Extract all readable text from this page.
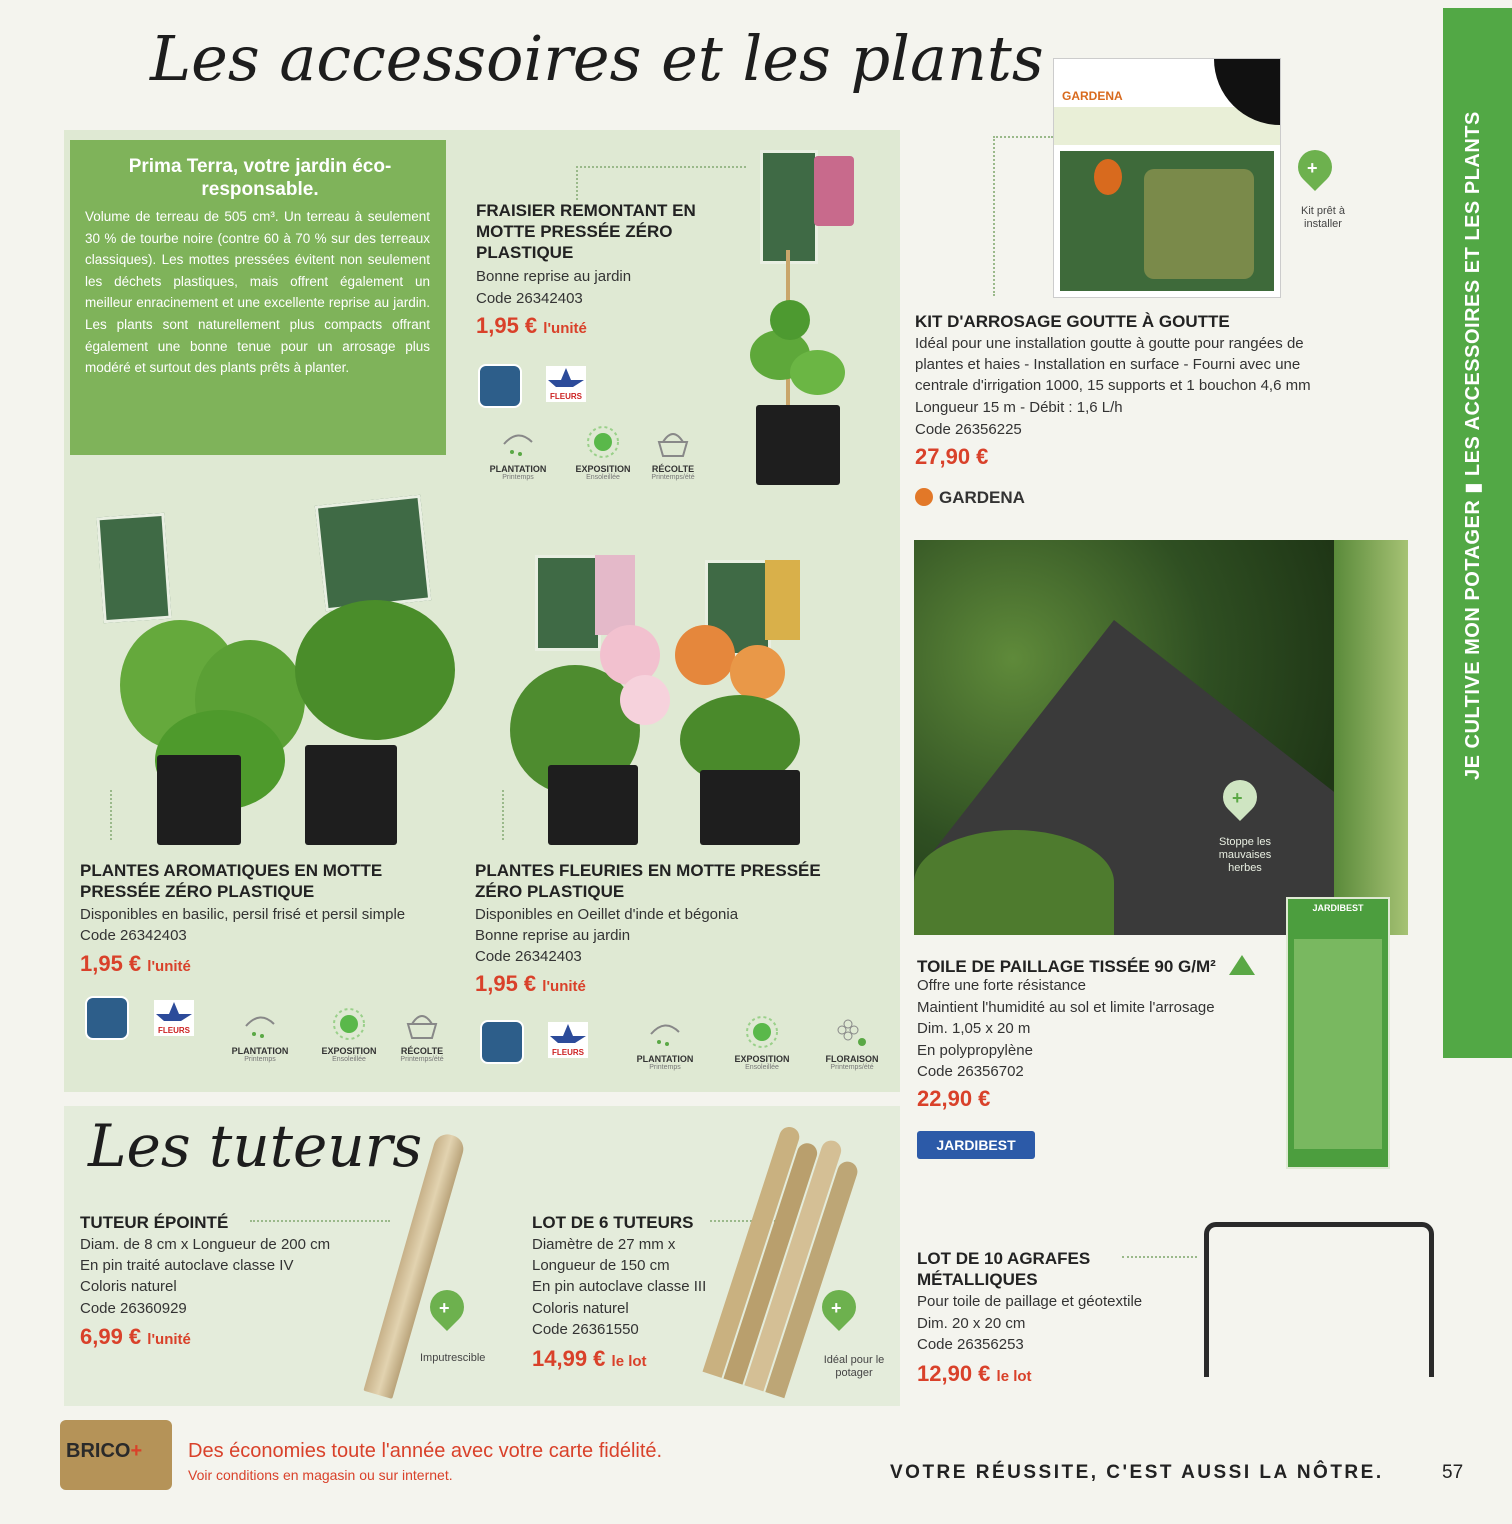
Les accessoires et les plants
JE CULTIVE MON POTAGER ▮ LES ACCESSOIRES ET LES PLANTS
Prima Terra, votre jardin éco-responsable.
Volume de terreau de 505 cm³. Un terreau à seulement 30 % de tourbe noire (contre 60 à 70 % sur des terreaux classiques). Les mottes pressées évitent non seulement les déchets plastiques, mais offrent également un meilleur enracinement et une excellente reprise au jardin. Les plants sont naturellement plus compacts offrant également une bonne tenue pour un arrosage plus modéré et surtout des plants prêts à planter.
FRAISIER REMONTANT EN MOTTE PRESSÉE ZÉRO PLASTIQUE
Bonne reprise au jardin
Code 26342403
1,95 € l'unité
FLEURS
PLANTATION
Printemps
EXPOSITION
Ensoleillée
RÉCOLTE
Printemps/été
GARDENA
+
Kit prêt à installer
KIT D'ARROSAGE GOUTTE À GOUTTE
Idéal pour une installation goutte à goutte pour rangées de
plantes et haies - Installation en surface - Fourni avec une
centrale d'irrigation 1000, 15 supports et 1 bouchon 4,6 mm
Longueur 15 m - Débit : 1,6 L/h
Code 26356225
27,90 €
GARDENA
+
Stoppe les mauvaises herbes
JARDIBEST
TOILE DE PAILLAGE TISSÉE 90 G/M²
Offre une forte résistance
Maintient l'humidité au sol et limite l'arrosage
Dim. 1,05 x 20 m
En polypropylène
Code 26356702
22,90 €
JARDIBEST
PLANTES AROMATIQUES EN MOTTE PRESSÉE ZÉRO PLASTIQUE
Disponibles en basilic, persil frisé et persil simple
Code 26342403
1,95 € l'unité
FLEURS
PLANTATION
Printemps
EXPOSITION
Ensoleillée
RÉCOLTE
Printemps/été
PLANTES FLEURIES EN MOTTE PRESSÉE ZÉRO PLASTIQUE
Disponibles en Oeillet d'inde et bégonia
Bonne reprise au jardin
Code 26342403
1,95 € l'unité
FLEURS
PLANTATION
Printemps
EXPOSITION
Ensoleillée
FLORAISON
Printemps/été
Les tuteurs
TUTEUR ÉPOINTÉ
Diam. de 8 cm x Longueur de 200 cm
En pin traité autoclave classe IV
Coloris naturel
Code 26360929
6,99 € l'unité
+
Imputrescible
LOT DE 6 TUTEURS
Diamètre de 27 mm x
Longueur de 150 cm
En pin autoclave classe III
Coloris naturel
Code 26361550
14,99 € le lot
+
Idéal pour le potager
LOT DE 10 AGRAFES MÉTALLIQUES
Pour toile de paillage et géotextile
Dim. 20 x 20 cm
Code 26356253
12,90 € le lot
BRICO+ Des économies toute l'année avec votre carte fidélité.
Voir conditions en magasin ou sur internet.	VOTRE RÉUSSITE, C'EST AUSSI LA NÔTRE.	57
